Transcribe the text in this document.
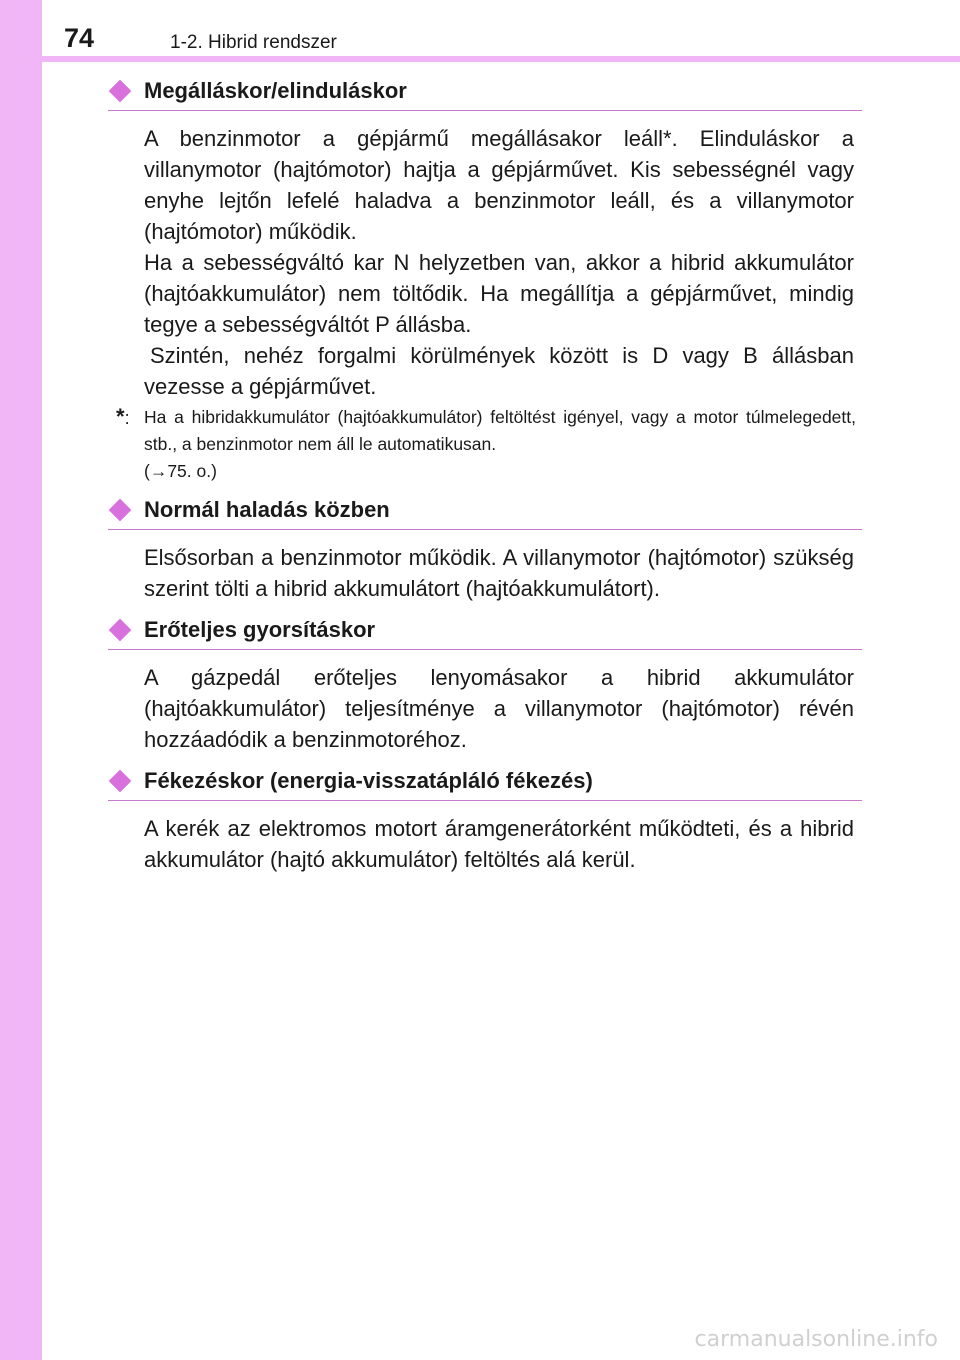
74	1-2. Hibrid rendszer
Megálláskor/elinduláskor

A benzinmotor a gépjármű megállásakor leáll*. Elinduláskor a villanymotor (hajtómotor) hajtja a gépjárművet. Kis sebességnél vagy enyhe lejtőn lefelé haladva a benzinmotor leáll, és a villanymotor (hajtómotor) működik.

Ha a sebességváltó kar N helyzetben van, akkor a hibrid akkumulátor (hajtóakkumulátor) nem töltődik. Ha megállítja a gépjárművet, mindig tegye a sebességváltót P állásba.

Szintén, nehéz forgalmi körülmények között is D vagy B állásban vezesse a gépjárművet.

*: Ha a hibridakkumulátor (hajtóakkumulátor) feltöltést igényel, vagy a motor túlmelegedett, stb., a benzinmotor nem áll le automatikusan.
(→75. o.)
Normál haladás közben

Elsősorban a benzinmotor működik. A villanymotor (hajtómotor) szükség szerint tölti a hibrid akkumulátort (hajtóakkumulátort).

Erőteljes gyorsításkor

A gázpedál erőteljes lenyomásakor a hibrid akkumulátor (hajtóakkumulátor) teljesítménye a villanymotor (hajtómotor) révén hozzáadódik a benzinmotoréhoz.

Fékezéskor (energia-visszatápláló fékezés)

A kerék az elektromos motort áramgenerátorként működteti, és a hibrid akkumulátor (hajtó akkumulátor) feltöltés alá kerül.

carmanualsonline.info
